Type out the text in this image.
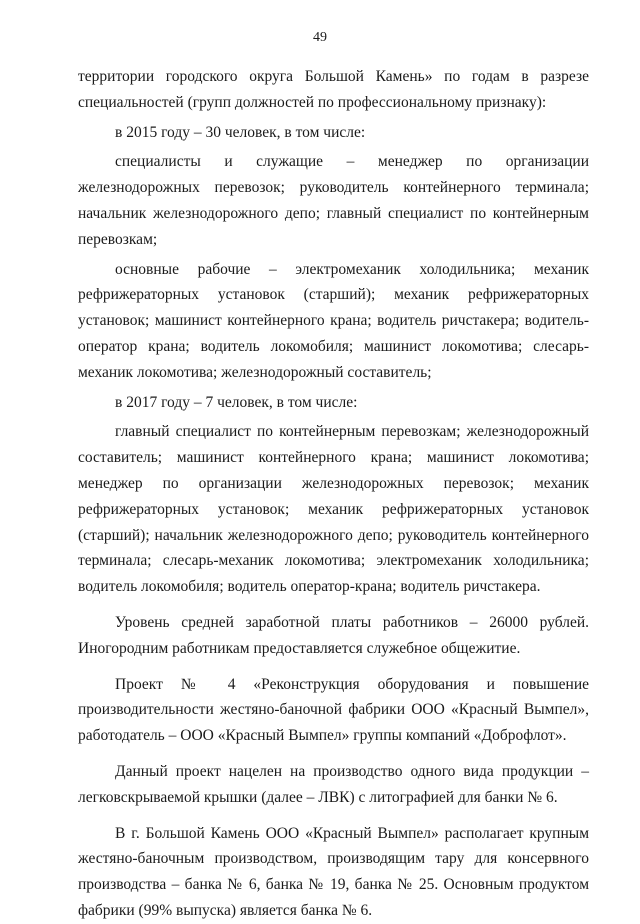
49

территории городского округа Большой Камень» по годам в разрезе специальностей (групп должностей по профессиональному признаку):

в 2015 году – 30 человек, в том числе:

специалисты и служащие – менеджер по организации железнодорожных перевозок; руководитель контейнерного терминала; начальник железнодорожного депо; главный специалист по контейнерным перевозкам;

основные рабочие – электромеханик холодильника; механик рефрижераторных установок (старший); механик рефрижераторных установок; машинист контейнерного крана; водитель ричстакера; водитель-оператор крана; водитель локомобиля; машинист локомотива; слесарь-механик локомотива; железнодорожный составитель;

в 2017 году – 7 человек, в том числе:

главный специалист по контейнерным перевозкам; железнодорожный составитель; машинист контейнерного крана; машинист локомотива; менеджер по организации железнодорожных перевозок; механик рефрижераторных установок; механик рефрижераторных установок (старший); начальник железнодорожного депо; руководитель контейнерного терминала; слесарь-механик локомотива; электромеханик холодильника; водитель локомобиля; водитель оператор-крана; водитель ричстакера.

Уровень средней заработной платы работников – 26000 рублей. Иногородним работникам предоставляется служебное общежитие.

Проект № 4 «Реконструкция оборудования и повышение производительности жестяно-баночной фабрики ООО «Красный Вымпел», работодатель – ООО «Красный Вымпел» группы компаний «Доброфлот».

Данный проект нацелен на производство одного вида продукции – легковскрываемой крышки (далее – ЛВК) с литографией для банки № 6.

В г. Большой Камень ООО «Красный Вымпел» располагает крупным жестяно-баночным производством, производящим тару для консервного производства – банка № 6, банка № 19, банка № 25. Основным продуктом фабрики (99% выпуска) является банка № 6.
